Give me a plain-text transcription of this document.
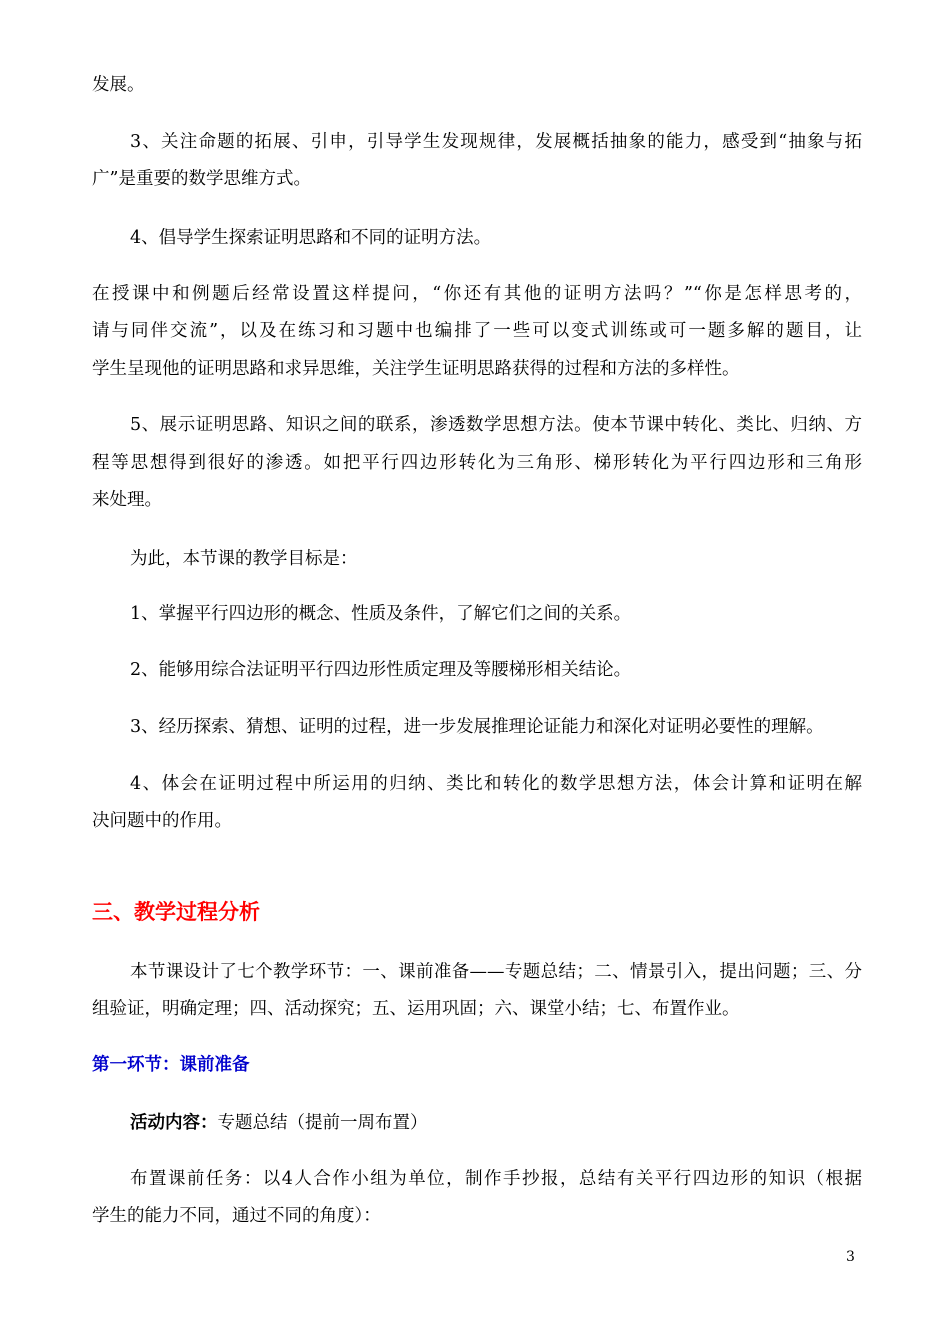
发展。
3、关注命题的拓展、引申，引导学生发现规律，发展概括抽象的能力，感受到“抽象与拓
广”是重要的数学思维方式。
4、倡导学生探索证明思路和不同的证明方法。
在授课中和例题后经常设置这样提问，“你还有其他的证明方法吗？”“你是怎样思考的，
请与同伴交流”，以及在练习和习题中也编排了一些可以变式训练或可一题多解的题目，让
学生呈现他的证明思路和求异思维，关注学生证明思路获得的过程和方法的多样性。
5、展示证明思路、知识之间的联系，渗透数学思想方法。使本节课中转化、类比、归纳、方
程等思想得到很好的渗透。如把平行四边形转化为三角形、梯形转化为平行四边形和三角形
来处理。
为此，本节课的教学目标是：
1、掌握平行四边形的概念、性质及条件，了解它们之间的关系。
2、能够用综合法证明平行四边形性质定理及等腰梯形相关结论。
3、经历探索、猜想、证明的过程，进一步发展推理论证能力和深化对证明必要性的理解。
4、体会在证明过程中所运用的归纳、类比和转化的数学思想方法，体会计算和证明在解
决问题中的作用。
三、教学过程分析
本节课设计了七个教学环节：一、课前准备——专题总结；二、情景引入，提出问题；三、分
组验证，明确定理；四、活动探究；五、运用巩固；六、课堂小结；七、布置作业。
第一环节：课前准备
活动内容：专题总结（提前一周布置）
布置课前任务：以4人合作小组为单位，制作手抄报，总结有关平行四边形的知识（根据
学生的能力不同，通过不同的角度）：
3
